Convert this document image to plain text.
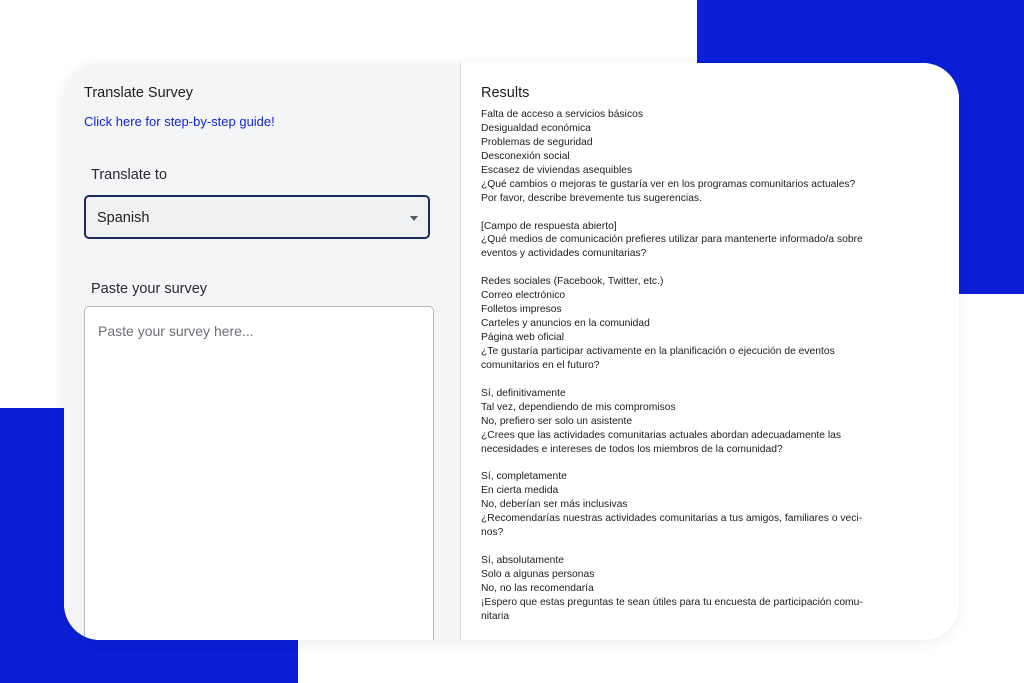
Translate Survey
Click here for step-by-step guide!
Translate to
Spanish
Paste your survey
Paste your survey here...
Results
Falta de acceso a servicios básicos
Desigualdad económica
Problemas de seguridad
Desconexión social
Escasez de viviendas asequibles
¿Qué cambios o mejoras te gustaría ver en los programas comunitarios actuales?
Por favor, describe brevemente tus sugerencias.
[Campo de respuesta abierto]
¿Qué medios de comunicación prefieres utilizar para mantenerte informado/a sobre
eventos y actividades comunitarias?
Redes sociales (Facebook, Twitter, etc.)
Correo electrónico
Folletos impresos
Carteles y anuncios en la comunidad
Página web oficial
¿Te gustaría participar activamente en la planificación o ejecución de eventos
comunitarios en el futuro?
Sí, definitivamente
Tal vez, dependiendo de mis compromisos
No, prefiero ser solo un asistente
¿Crees que las actividades comunitarias actuales abordan adecuadamente las
necesidades e intereses de todos los miembros de la comunidad?
Sí, completamente
En cierta medida
No, deberían ser más inclusivas
¿Recomendarías nuestras actividades comunitarias a tus amigos, familiares o veci-
nos?
Sí, absolutamente
Solo a algunas personas
No, no las recomendaría
¡Espero que estas preguntas te sean útiles para tu encuesta de participación comu-
nitaria
